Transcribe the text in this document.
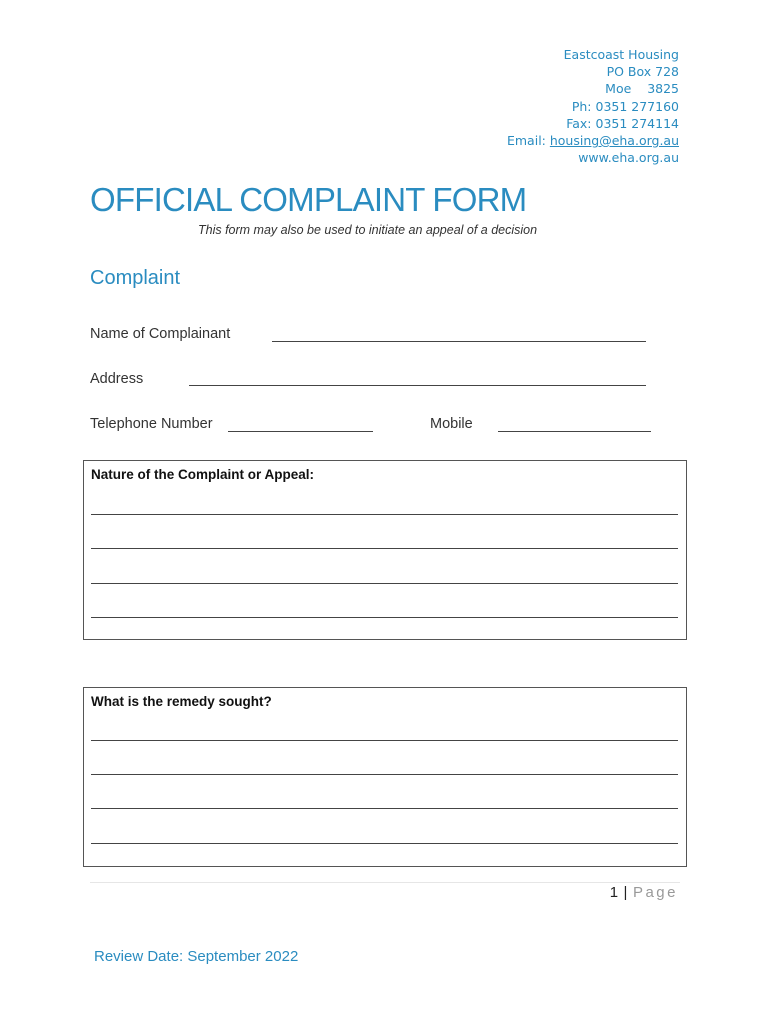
Eastcoast Housing
PO Box 728
Moe    3825
Ph: 0351 277160
Fax: 0351 274114
Email: housing@eha.org.au
www.eha.org.au
OFFICIAL COMPLAINT FORM
This form may also be used to initiate an appeal of a decision
Complaint
Name of Complainant
Address
Telephone Number	Mobile
Nature of the Complaint or Appeal:
What is the remedy sought?
1 | Page
Review Date: September 2022
